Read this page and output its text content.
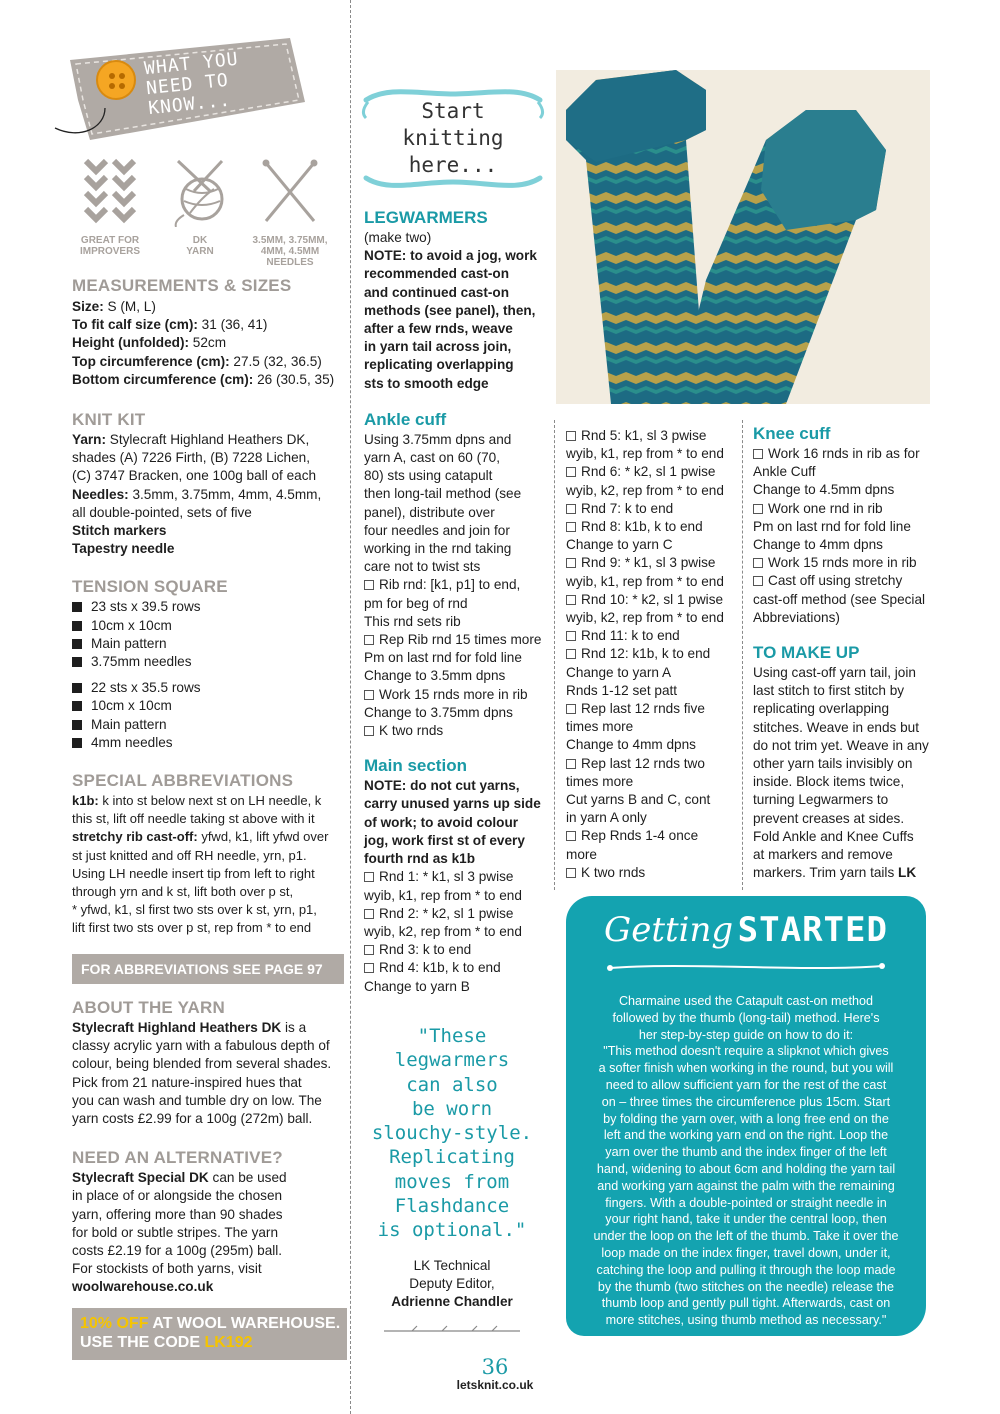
WHAT YOU NEED TO KNOW...
GREAT FOR
IMPROVERS
DK
YARN
3.5MM, 3.75MM,
4MM, 4.5MM
NEEDLES
MEASUREMENTS & SIZES
Size: S (M, L)
To fit calf size (cm): 31 (36, 41)
Height (unfolded): 52cm
Top circumference (cm): 27.5 (32, 36.5)
Bottom circumference (cm): 26 (30.5, 35)
KNIT KIT
Yarn: Stylecraft Highland Heathers DK,
shades (A) 7226 Firth, (B) 7228 Lichen,
(C) 3747 Bracken, one 100g ball of each
Needles: 3.5mm, 3.75mm, 4mm, 4.5mm,
all double-pointed, sets of five
Stitch markers
Tapestry needle
TENSION SQUARE
23 sts x 39.5 rows
10cm x 10cm
Main pattern
3.75mm needles
22 sts x 35.5 rows
10cm x 10cm
Main pattern
4mm needles
SPECIAL ABBREVIATIONS
k1b: k into st below next st on LH needle, k
this st, lift off needle taking st above with it
stretchy rib cast-off: yfwd, k1, lift yfwd over
st just knitted and off RH needle, yrn, p1.
Using LH needle insert tip from left to right
through yrn and k st, lift both over p st,
* yfwd, k1, sl first two sts over k st, yrn, p1,
lift first two sts over p st, rep from * to end
FOR ABBREVIATIONS SEE PAGE 97
ABOUT THE YARN
Stylecraft Highland Heathers DK is a
classy acrylic yarn with a fabulous depth of
colour, being blended from several shades.
Pick from 21 nature-inspired hues that
you can wash and tumble dry on low. The
yarn costs £2.99 for a 100g (272m) ball.
NEED AN ALTERNATIVE?
Stylecraft Special DK can be used
in place of or alongside the chosen
yarn, offering more than 90 shades
for bold or subtle stripes. The yarn
costs £2.19 for a 100g (295m) ball.
For stockists of both yarns, visit
woolwarehouse.co.uk
10% OFF AT WOOL WAREHOUSE.
USE THE CODE LK192
Start
knitting
here...
LEGWARMERS
(make two)
NOTE: to avoid a jog, work
recommended cast-on
and continued cast-on
methods (see panel), then,
after a few rnds, weave
in yarn tail across join,
replicating overlapping
sts to smooth edge
Ankle cuff
Using 3.75mm dpns and
yarn A, cast on 60 (70,
80) sts using catapult
then long-tail method (see
panel), distribute over
four needles and join for
working in the rnd taking
care not to twist sts
Rib rnd: [k1, p1] to end,
pm for beg of rnd
This rnd sets rib
Rep Rib rnd 15 times more
Pm on last rnd for fold line
Change to 3.5mm dpns
Work 15 rnds more in rib
Change to 3.75mm dpns
K two rnds
Main section
NOTE: do not cut yarns,
carry unused yarns up side
of work; to avoid colour
jog, work first st of every
fourth rnd as k1b
Rnd 1: * k1, sl 3 pwise
wyib, k1, rep from * to end
Rnd 2: * k2, sl 1 pwise
wyib, k2, rep from * to end
Rnd 3: k to end
Rnd 4: k1b, k to end
Change to yarn B
Rnd 5: k1, sl 3 pwise
wyib, k1, rep from * to end
Rnd 6: * k2, sl 1 pwise
wyib, k2, rep from * to end
Rnd 7: k to end
Rnd 8: k1b, k to end
Change to yarn C
Rnd 9: * k1, sl 3 pwise
wyib, k1, rep from * to end
Rnd 10: * k2, sl 1 pwise
wyib, k2, rep from * to end
Rnd 11: k to end
Rnd 12: k1b, k to end
Change to yarn A
Rnds 1-12 set patt
Rep last 12 rnds five
times more
Change to 4mm dpns
Rep last 12 rnds two
times more
Cut yarns B and C, cont
in yarn A only
Rep Rnds 1-4 once
more
K two rnds
Knee cuff
Work 16 rnds in rib as for
Ankle Cuff
Change to 4.5mm dpns
Work one rnd in rib
Pm on last rnd for fold line
Change to 4mm dpns
Work 15 rnds more in rib
Cast off using stretchy
cast-off method (see Special
Abbreviations)
TO MAKE UP
Using cast-off yarn tail, join
last stitch to first stitch by
replicating overlapping
stitches. Weave in ends but
do not trim yet. Weave in any
other yarn tails invisibly on
inside. Block items twice,
turning Legwarmers to
prevent creases at sides.
Fold Ankle and Knee Cuffs
at markers and remove
markers. Trim yarn tails LK
"These
legwarmers
can also
be worn
slouchy-style.
Replicating
moves from
Flashdance
is optional."
LK Technical
Deputy Editor,
Adrienne Chandler
Getting STARTED
Charmaine used the Catapult cast-on method
followed by the thumb (long-tail) method. Here's
her step-by-step guide on how to do it:
"This method doesn't require a slipknot which gives
a softer finish when working in the round, but you will
need to allow sufficient yarn for the rest of the cast
on – three times the circumference plus 15cm. Start
by folding the yarn over, with a long free end on the
left and the working yarn end on the right. Loop the
yarn over the thumb and the index finger of the left
hand, widening to about 6cm and holding the yarn tail
and working yarn against the palm with the remaining
fingers. With a double-pointed or straight needle in
your right hand, take it under the central loop, then
under the loop on the left of the thumb. Take it over the
loop made on the index finger, travel down, under it,
catching the loop and pulling it through the loop made
by the thumb (two stitches on the needle) release the
thumb loop and gently pull tight. Afterwards, cast on
more stitches, using thumb method as necessary."
36
letsknit.co.uk
